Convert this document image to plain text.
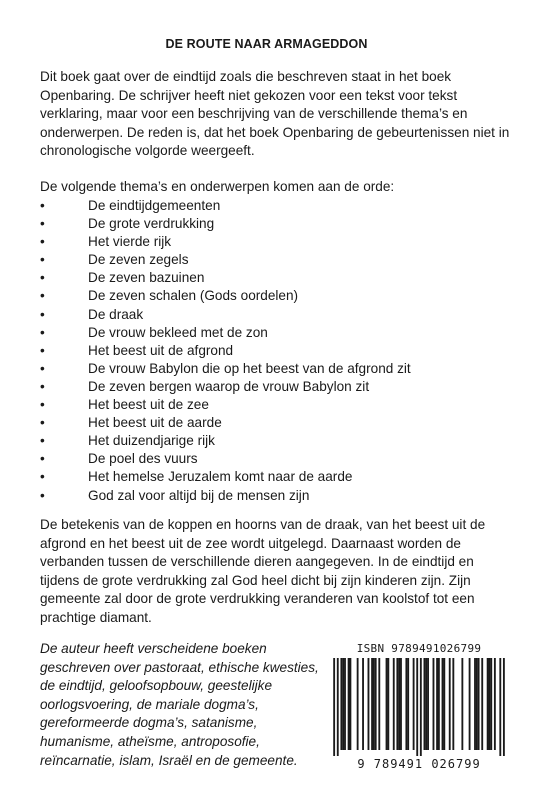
DE ROUTE NAAR ARMAGEDDON

Dit boek gaat over de eindtijd zoals die beschreven staat in het boek Openbaring. De schrijver heeft niet gekozen voor een tekst voor tekst verklaring, maar voor een beschrijving van de verschillende thema’s en onderwerpen. De reden is, dat het boek Openbaring de gebeurtenissen niet in chronologische volgorde weergeeft.

De volgende thema’s en onderwerpen komen aan de orde:

•	De eindtijdgemeenten
•	De grote verdrukking
•	Het vierde rijk
•	De zeven zegels
•	De zeven bazuinen
•	De zeven schalen (Gods oordelen)
•	De draak
•	De vrouw bekleed met de zon
•	Het beest uit de afgrond
•	De vrouw Babylon die op het beest van de afgrond zit
•	De zeven bergen waarop de vrouw Babylon zit
•	Het beest uit de zee
•	Het beest uit de aarde
•	Het duizendjarige rijk
•	De poel des vuurs
•	Het hemelse Jeruzalem komt naar de aarde
•	God zal voor altijd bij de mensen zijn

De betekenis van de koppen en hoorns van de draak, van het beest uit de afgrond en het beest uit de zee wordt uitgelegd. Daarnaast worden de verbanden tussen de verschillende dieren aangegeven. In de eindtijd en tijdens de grote verdrukking zal God heel dicht bij zijn kinderen zijn. Zijn gemeente zal door de grote verdrukking veranderen van koolstof tot een prachtige diamant.

De auteur heeft verscheidene boeken geschreven over pastoraat, ethische kwesties, de eindtijd, geloofsopbouw, geestelijke oorlogsvoering, de mariale dogma’s, gereformeerde dogma’s, satanisme, humanisme, atheïsme, antroposofie, reïncarnatie, islam, Israël en de gemeente.

ISBN 9789491026799
9 789491 026799
